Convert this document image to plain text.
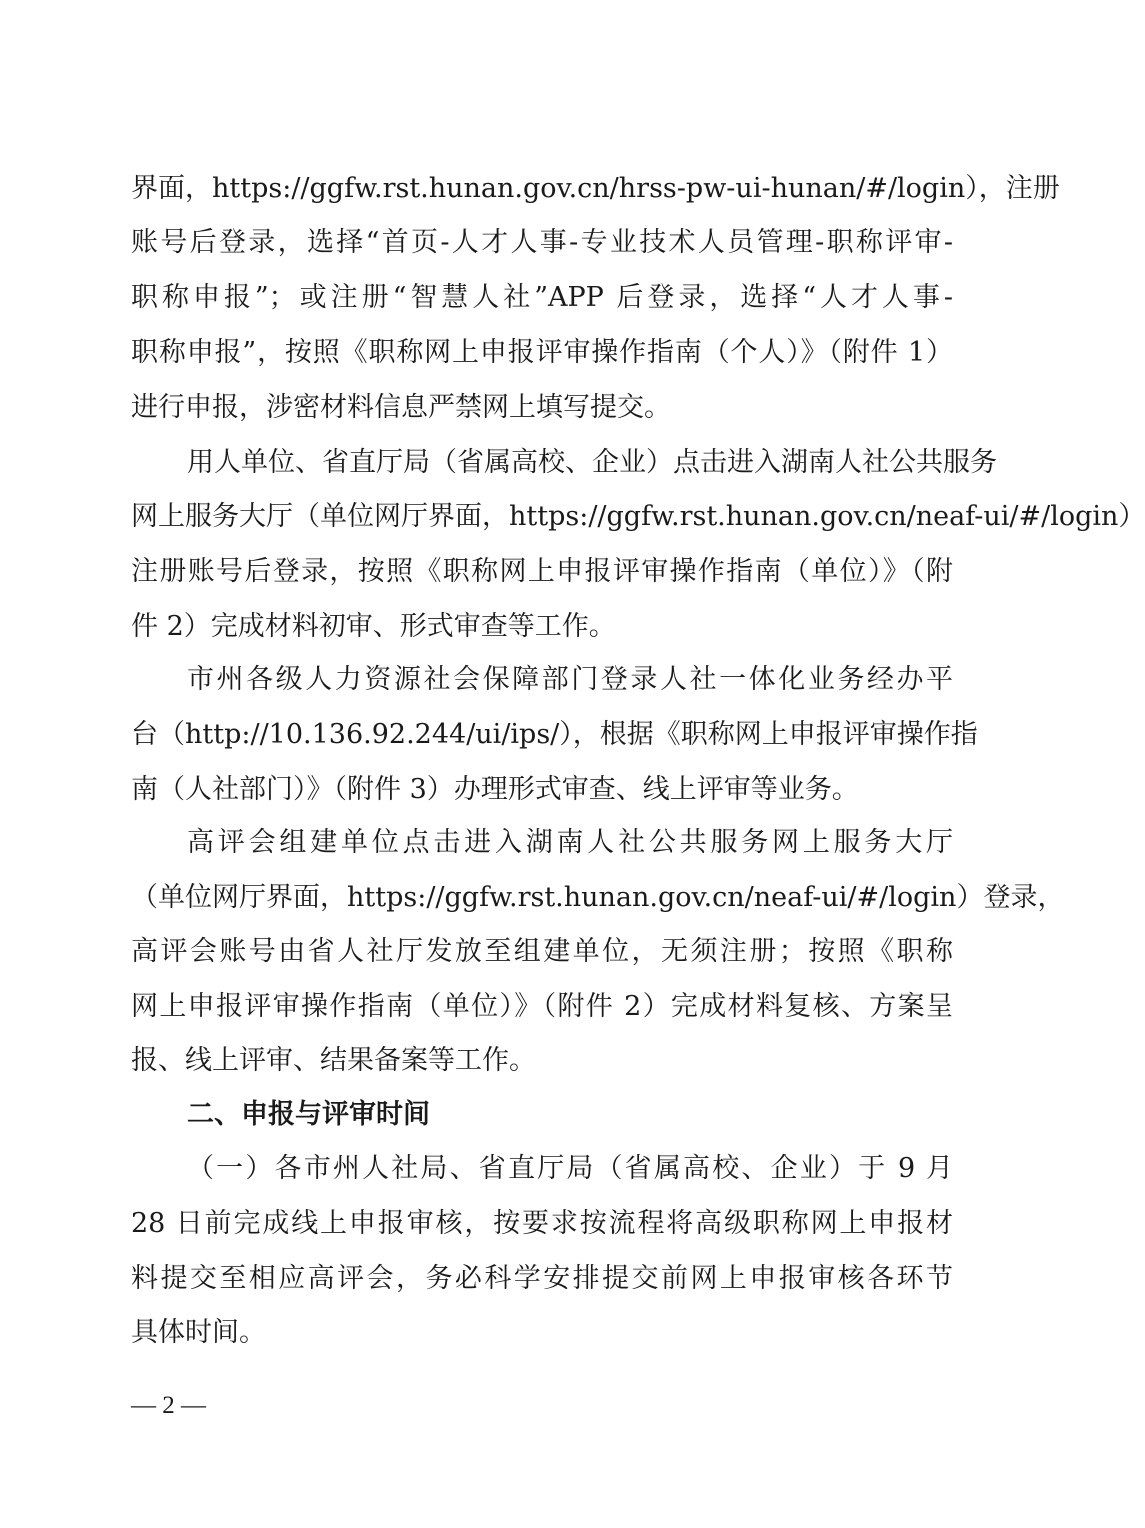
界面，https://ggfw.rst.hunan.gov.cn/hrss-pw-ui-hunan/#/login），注册
账号后登录，选择“首页-人才人事-专业技术人员管理-职称评审-
职称申报”；或注册“智慧人社”APP 后登录，选择“人才人事-
职称申报”，按照《职称网上申报评审操作指南（个人）》（附件 1）
进行申报，涉密材料信息严禁网上填写提交。
用人单位、省直厅局（省属高校、企业）点击进入湖南人社公共服务
网上服务大厅（单位网厅界面，https://ggfw.rst.hunan.gov.cn/neaf-ui/#/login）
注册账号后登录，按照《职称网上申报评审操作指南（单位）》（附
件 2）完成材料初审、形式审查等工作。
市州各级人力资源社会保障部门登录人社一体化业务经办平
台（http://10.136.92.244/ui/ips/），根据《职称网上申报评审操作指
南（人社部门）》（附件 3）办理形式审查、线上评审等业务。
高评会组建单位点击进入湖南人社公共服务网上服务大厅
（单位网厅界面，https://ggfw.rst.hunan.gov.cn/neaf-ui/#/login）登录，
高评会账号由省人社厅发放至组建单位，无须注册；按照《职称
网上申报评审操作指南（单位）》（附件 2）完成材料复核、方案呈
报、线上评审、结果备案等工作。
二、申报与评审时间
（一）各市州人社局、省直厅局（省属高校、企业）于 9 月
28 日前完成线上申报审核，按要求按流程将高级职称网上申报材
料提交至相应高评会，务必科学安排提交前网上申报审核各环节
具体时间。
— 2 —
